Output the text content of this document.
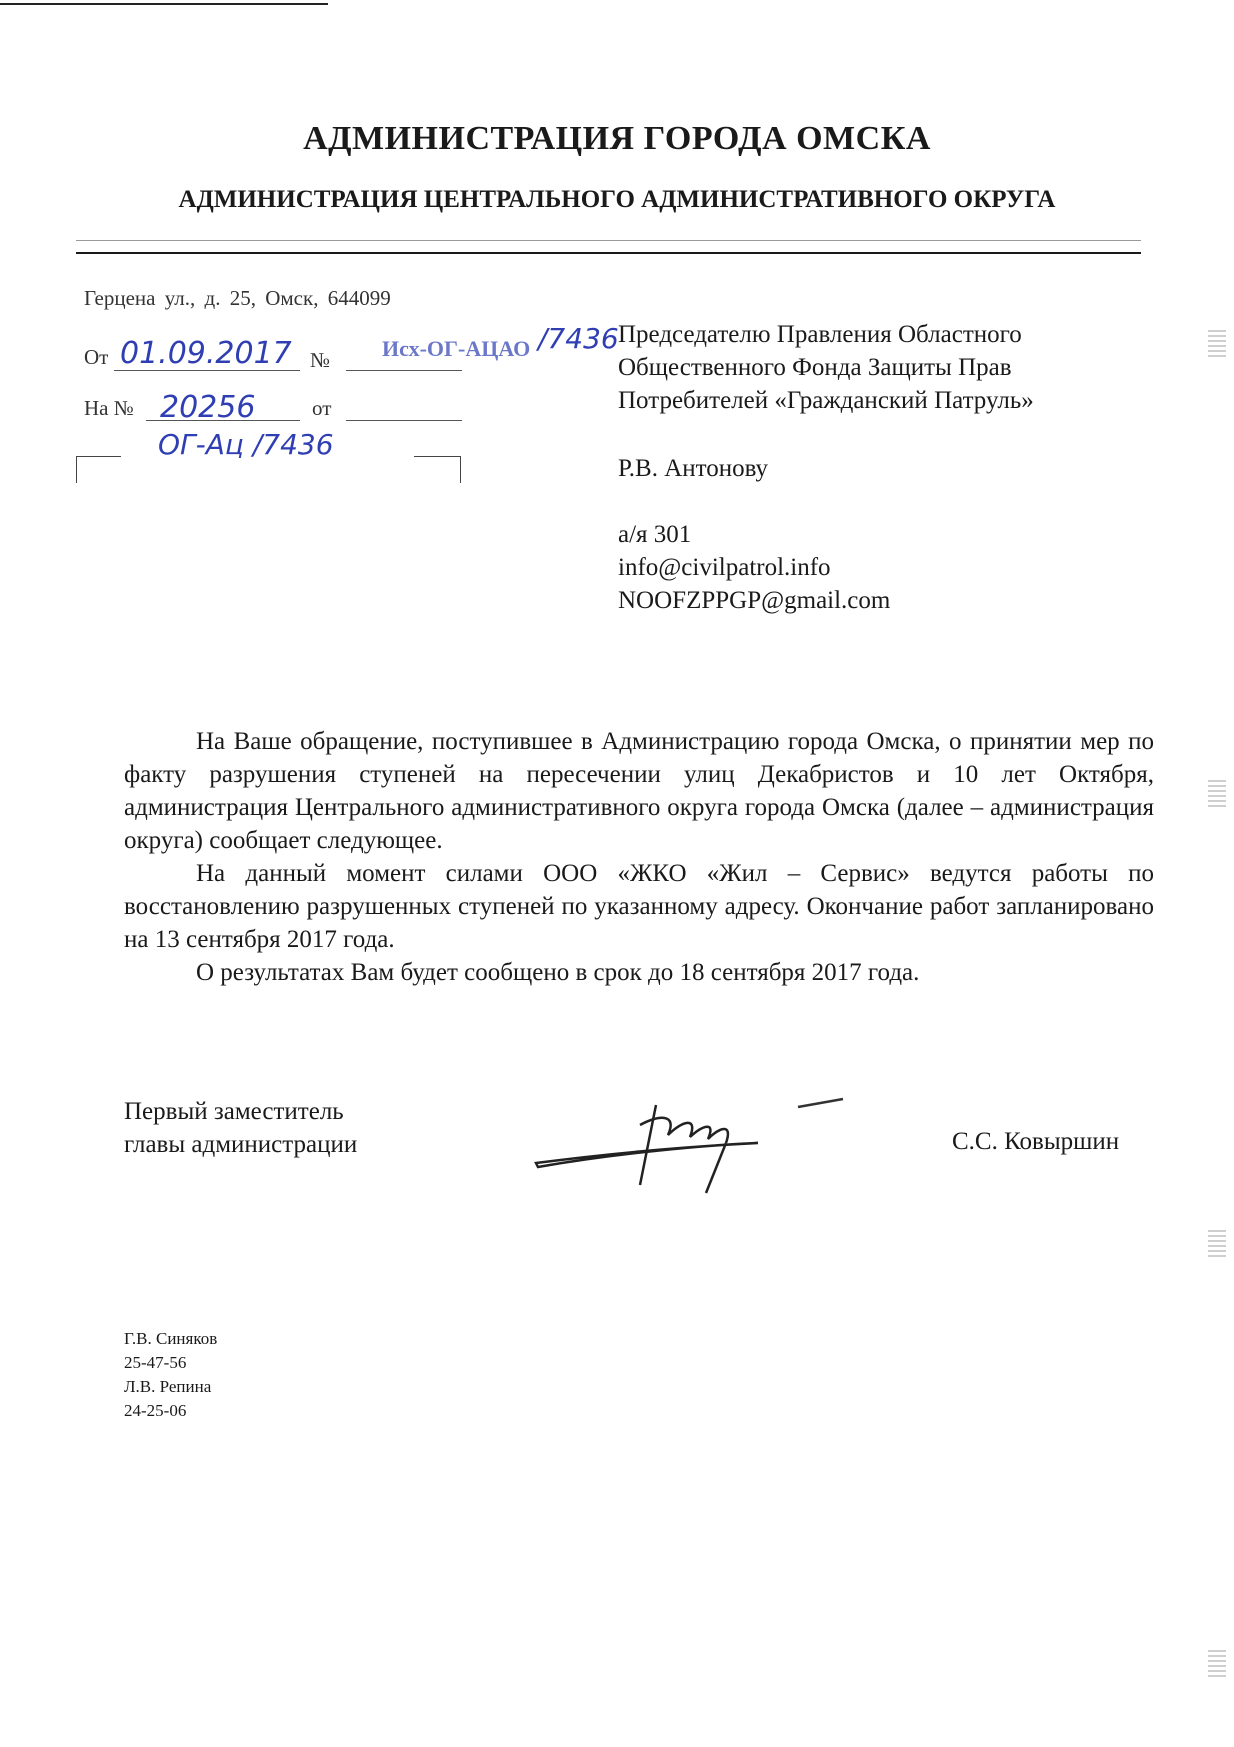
АДМИНИСТРАЦИЯ ГОРОДА ОМСКА
АДМИНИСТРАЦИЯ ЦЕНТРАЛЬНОГО АДМИНИСТРАТИВНОГО ОКРУГА
Герцена ул., д. 25, Омск, 644099
От 01.09.2017 № Исх-ОГ-АЦАО /7436
На № 20256	от
ОГ-Ац /7436
Председателю Правления Областного
Общественного Фонда Защиты Прав
Потребителей «Гражданский Патруль»
Р.В. Антонову
а/я 301
info@civilpatrol.info
NOOFZPPGP@gmail.com

На Ваше обращение, поступившее в Администрацию города Омска, о принятии мер по факту разрушения ступеней на пересечении улиц Декабристов и 10 лет Октября, администрация Центрального административного округа города Омска (далее – администрация округа) сообщает следующее.

На данный момент силами ООО «ЖКО «Жил – Сервис» ведутся работы по восстановлению разрушенных ступеней по указанному адресу. Окончание работ запланировано на 13 сентября 2017 года.

О результатах Вам будет сообщено в срок до 18 сентября 2017 года.

Первый заместитель
главы администрации	С.С. Ковыршин
Г.В. Синяков
25-47-56
Л.В. Репина
24-25-06
